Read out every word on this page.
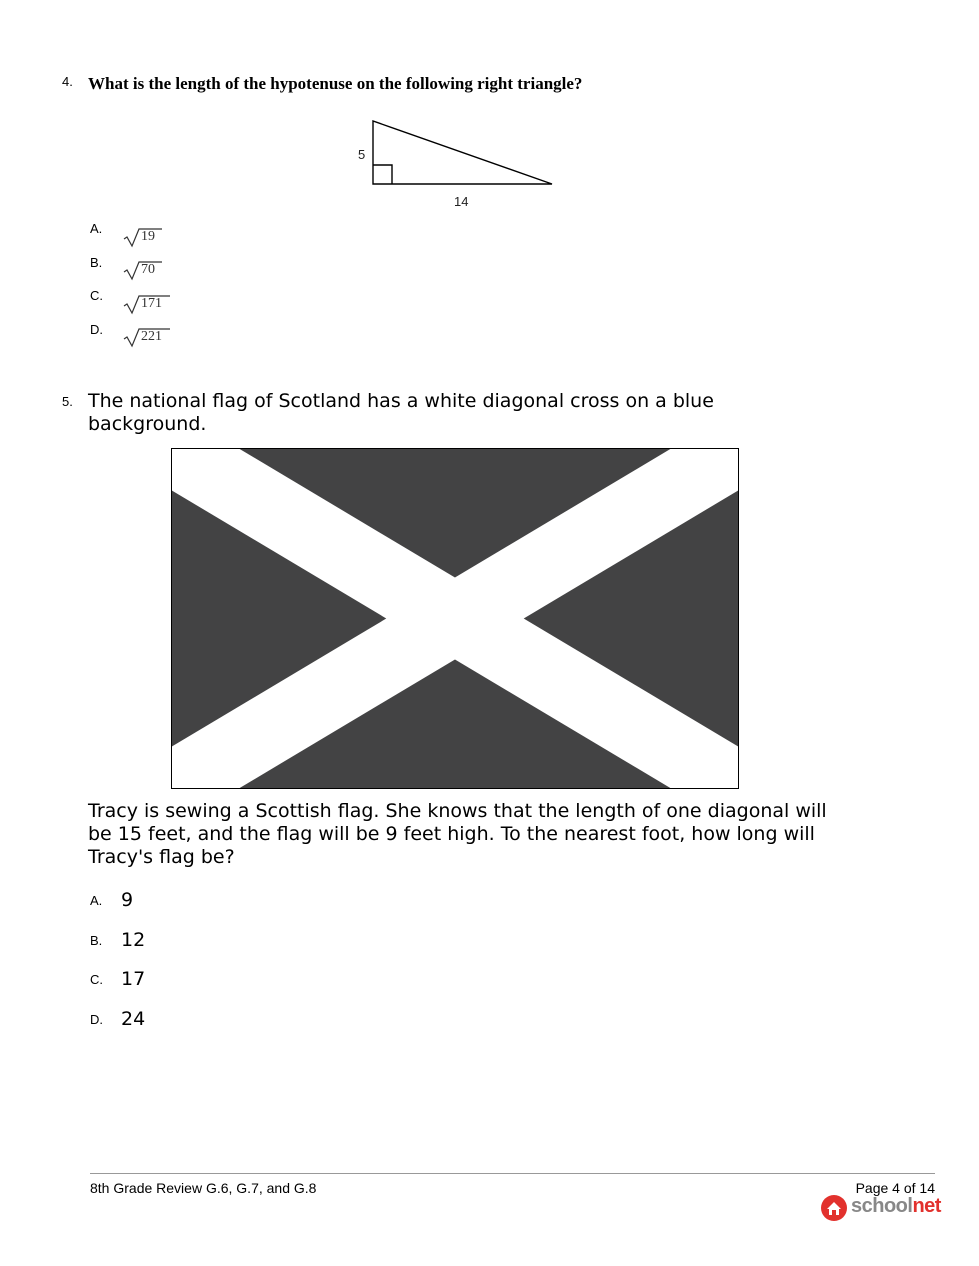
4. What is the length of the hypotenuse on the following right triangle?
5
14
A.
19
B.	70
C.
171
D.	221
5. The national flag of Scotland has a white diagonal cross on a blue background.
Tracy is sewing a Scottish flag. She knows that the length of one diagonal will be 15 feet, and the flag will be 9 feet high. To the nearest foot, how long will Tracy's flag be?
A. 9
B. 12
C. 17
D. 24
8th Grade Review G.6, G.7, and G.8	Page 4 of 14
schoolnet
